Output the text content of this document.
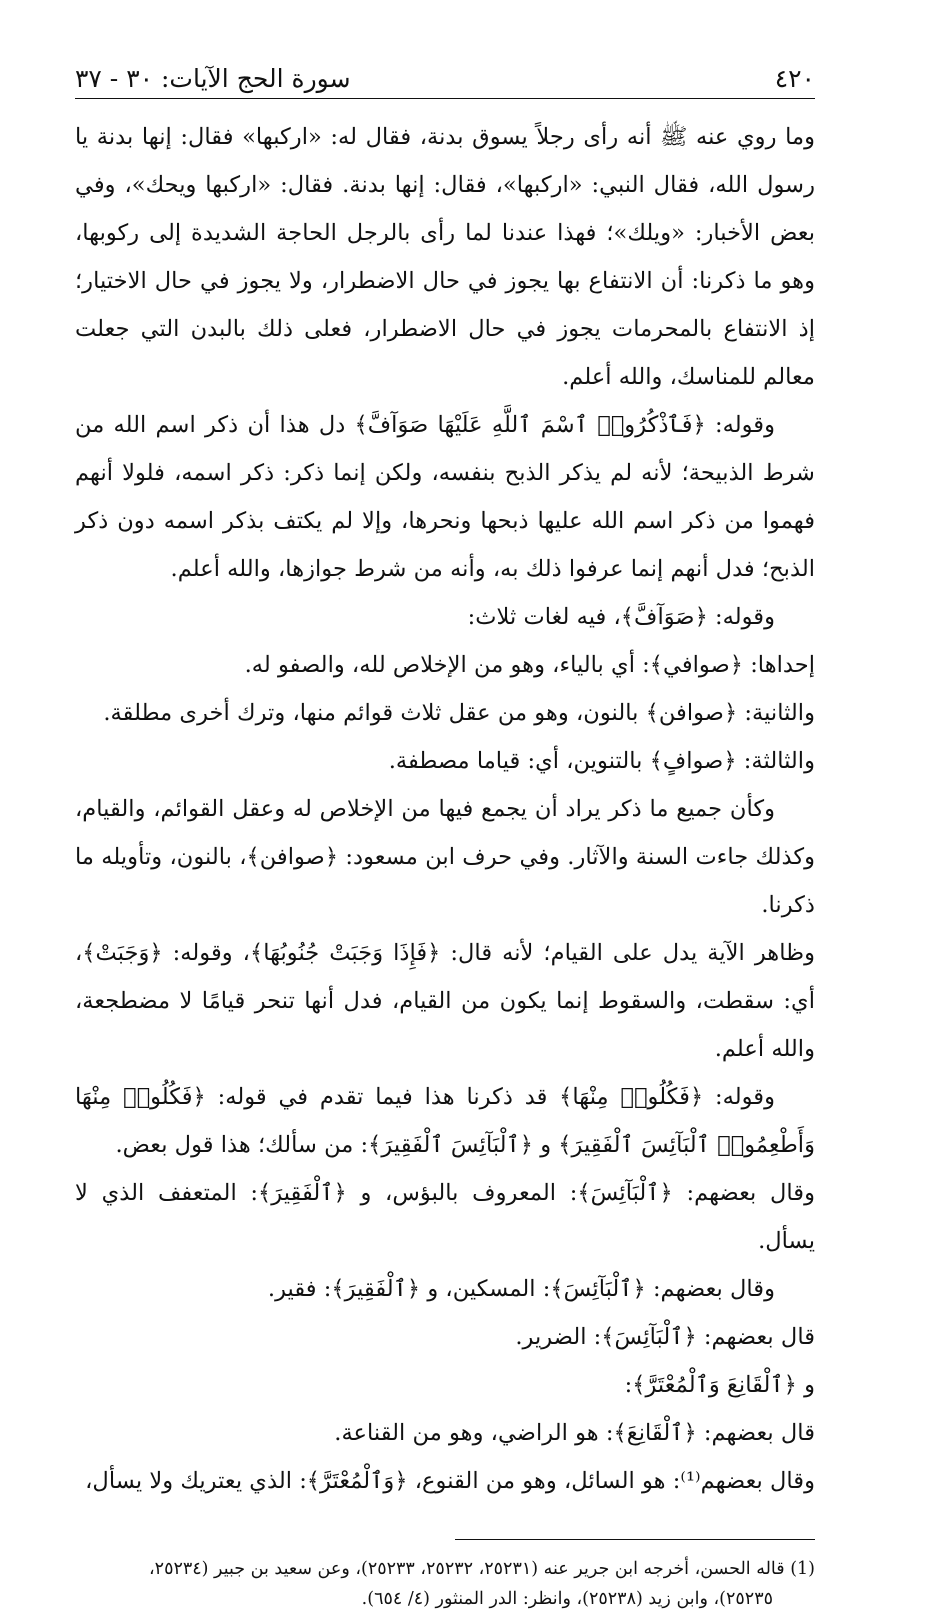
٤٢٠
سورة الحج الآيات: ٣٠ - ٣٧

وما روي عنه ﷺ أنه رأى رجلاً يسوق بدنة، فقال له: «اركبها» فقال: إنها بدنة يا رسول الله، فقال النبي: «اركبها»، فقال: إنها بدنة. فقال: «اركبها ويحك»، وفي بعض الأخبار: «ويلك»؛ فهذا عندنا لما رأى بالرجل الحاجة الشديدة إلى ركوبها، وهو ما ذكرنا: أن الانتفاع بها يجوز في حال الاضطرار، ولا يجوز في حال الاختيار؛ إذ الانتفاع بالمحرمات يجوز في حال الاضطرار، فعلى ذلك بالبدن التي جعلت معالم للمناسك، والله أعلم.

وقوله: ﴿فَٱذْكُرُوا۟ ٱسْمَ ٱللَّهِ عَلَيْهَا صَوَآفَّ﴾ دل هذا أن ذكر اسم الله من شرط الذبيحة؛ لأنه لم يذكر الذبح بنفسه، ولكن إنما ذكر: ذكر اسمه، فلولا أنهم فهموا من ذكر اسم الله عليها ذبحها ونحرها، وإلا لم يكتف بذكر اسمه دون ذكر الذبح؛ فدل أنهم إنما عرفوا ذلك به، وأنه من شرط جوازها، والله أعلم.

وقوله: ﴿صَوَآفَّ﴾، فيه لغات ثلاث:

إحداها: ﴿صوافي﴾: أي بالياء، وهو من الإخلاص لله، والصفو له.

والثانية: ﴿صوافن﴾ بالنون، وهو من عقل ثلاث قوائم منها، وترك أخرى مطلقة.

والثالثة: ﴿صوافٍ﴾ بالتنوين، أي: قياما مصطفة.

وكأن جميع ما ذكر يراد أن يجمع فيها من الإخلاص له وعقل القوائم، والقيام، وكذلك جاءت السنة والآثار. وفي حرف ابن مسعود: ﴿صوافن﴾، بالنون، وتأويله ما ذكرنا.

وظاهر الآية يدل على القيام؛ لأنه قال: ﴿فَإِذَا وَجَبَتْ جُنُوبُهَا﴾، وقوله: ﴿وَجَبَتْ﴾، أي: سقطت، والسقوط إنما يكون من القيام، فدل أنها تنحر قيامًا لا مضطجعة، والله أعلم.

وقوله: ﴿فَكُلُوا۟ مِنْهَا﴾ قد ذكرنا هذا فيما تقدم في قوله: ﴿فَكُلُوا۟ مِنْهَا وَأَطْعِمُوا۟ ٱلْبَآئِسَ ٱلْفَقِيرَ﴾ و ﴿ٱلْبَآئِسَ ٱلْفَقِيرَ﴾: من سألك؛ هذا قول بعض.

وقال بعضهم: ﴿ٱلْبَآئِسَ﴾: المعروف بالبؤس، و ﴿ٱلْفَقِيرَ﴾: المتعفف الذي لا يسأل.

وقال بعضهم: ﴿ٱلْبَآئِسَ﴾: المسكين، و ﴿ٱلْفَقِيرَ﴾: فقير.

قال بعضهم: ﴿ٱلْبَآئِسَ﴾: الضرير.

و ﴿ٱلْقَانِعَ وَٱلْمُعْتَرَّ﴾:

قال بعضهم: ﴿ٱلْقَانِعَ﴾: هو الراضي، وهو من القناعة.

وقال بعضهم⁽¹⁾: هو السائل، وهو من القنوع، ﴿وَٱلْمُعْتَرَّ﴾: الذي يعتريك ولا يسأل،

(1) قاله الحسن، أخرجه ابن جرير عنه (٢٥٢٣١، ٢٥٢٣٢، ٢٥٢٣٣)، وعن سعيد بن جبير (٢٥٢٣٤،

٢٥٢٣٥)، وابن زيد (٢٥٢٣٨)، وانظر: الدر المنثور (٤/ ٦٥٤).
